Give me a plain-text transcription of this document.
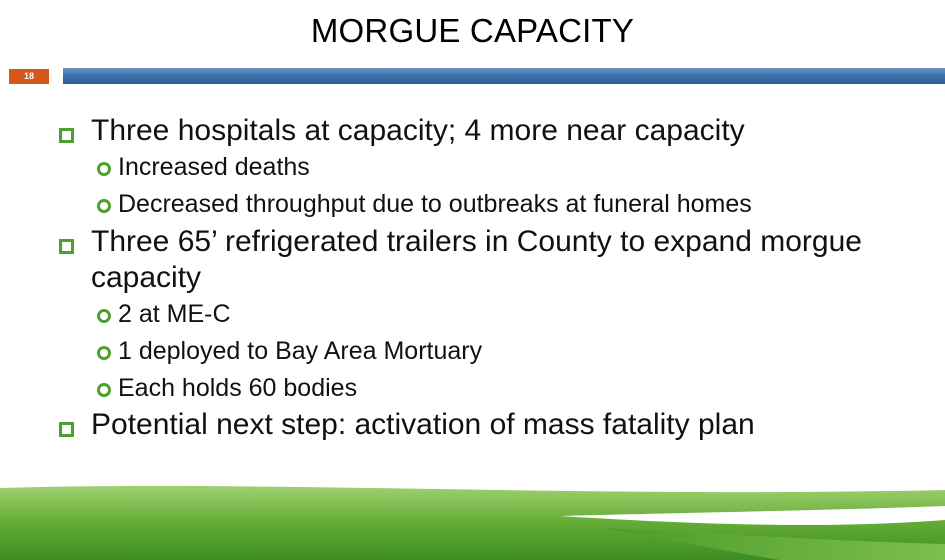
MORGUE CAPACITY
18
Three hospitals at capacity; 4 more near capacity
Increased deaths
Decreased throughput due to outbreaks at funeral homes
Three 65’ refrigerated trailers in County to expand morgue capacity
2 at ME-C
1 deployed to Bay Area Mortuary
Each holds 60 bodies
Potential next step: activation of mass fatality plan
